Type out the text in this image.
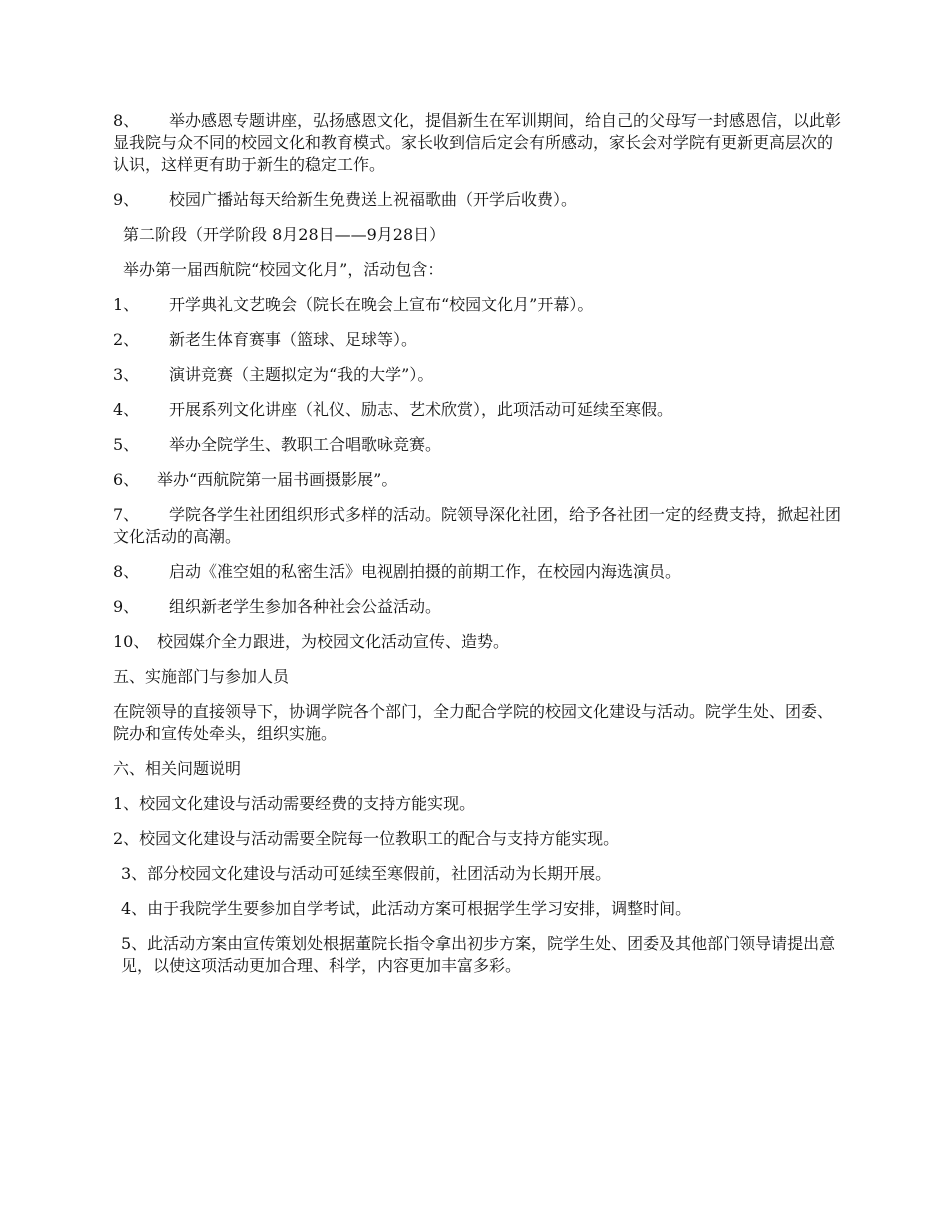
8、 举办感恩专题讲座，弘扬感恩文化，提倡新生在军训期间，给自己的父母写一封感恩信，以此彰显我院与众不同的校园文化和教育模式。家长收到信后定会有所感动，家长会对学院有更新更高层次的认识，这样更有助于新生的稳定工作。

9、 校园广播站每天给新生免费送上祝福歌曲（开学后收费）。

第二阶段（开学阶段 8月28日——9月28日）

举办第一届西航院“校园文化月”，活动包含：

1、 开学典礼文艺晚会（院长在晚会上宣布“校园文化月”开幕）。

2、 新老生体育赛事（篮球、足球等）。

3、 演讲竞赛（主题拟定为“我的大学”）。

4、 开展系列文化讲座（礼仪、励志、艺术欣赏），此项活动可延续至寒假。

5、 举办全院学生、教职工合唱歌咏竞赛。

6、 举办“西航院第一届书画摄影展”。

7、 学院各学生社团组织形式多样的活动。院领导深化社团，给予各社团一定的经费支持，掀起社团文化活动的高潮。

8、 启动《准空姐的私密生活》电视剧拍摄的前期工作，在校园内海选演员。

9、 组织新老学生参加各种社会公益活动。

10、 校园媒介全力跟进，为校园文化活动宣传、造势。

五、实施部门与参加人员

在院领导的直接领导下，协调学院各个部门，全力配合学院的校园文化建设与活动。院学生处、团委、院办和宣传处牵头，组织实施。

六、相关问题说明

1、校园文化建设与活动需要经费的支持方能实现。

2、校园文化建设与活动需要全院每一位教职工的配合与支持方能实现。

3、部分校园文化建设与活动可延续至寒假前，社团活动为长期开展。

4、由于我院学生要参加自学考试，此活动方案可根据学生学习安排，调整时间。

5、此活动方案由宣传策划处根据董院长指令拿出初步方案，院学生处、团委及其他部门领导请提出意见，以使这项活动更加合理、科学，内容更加丰富多彩。
